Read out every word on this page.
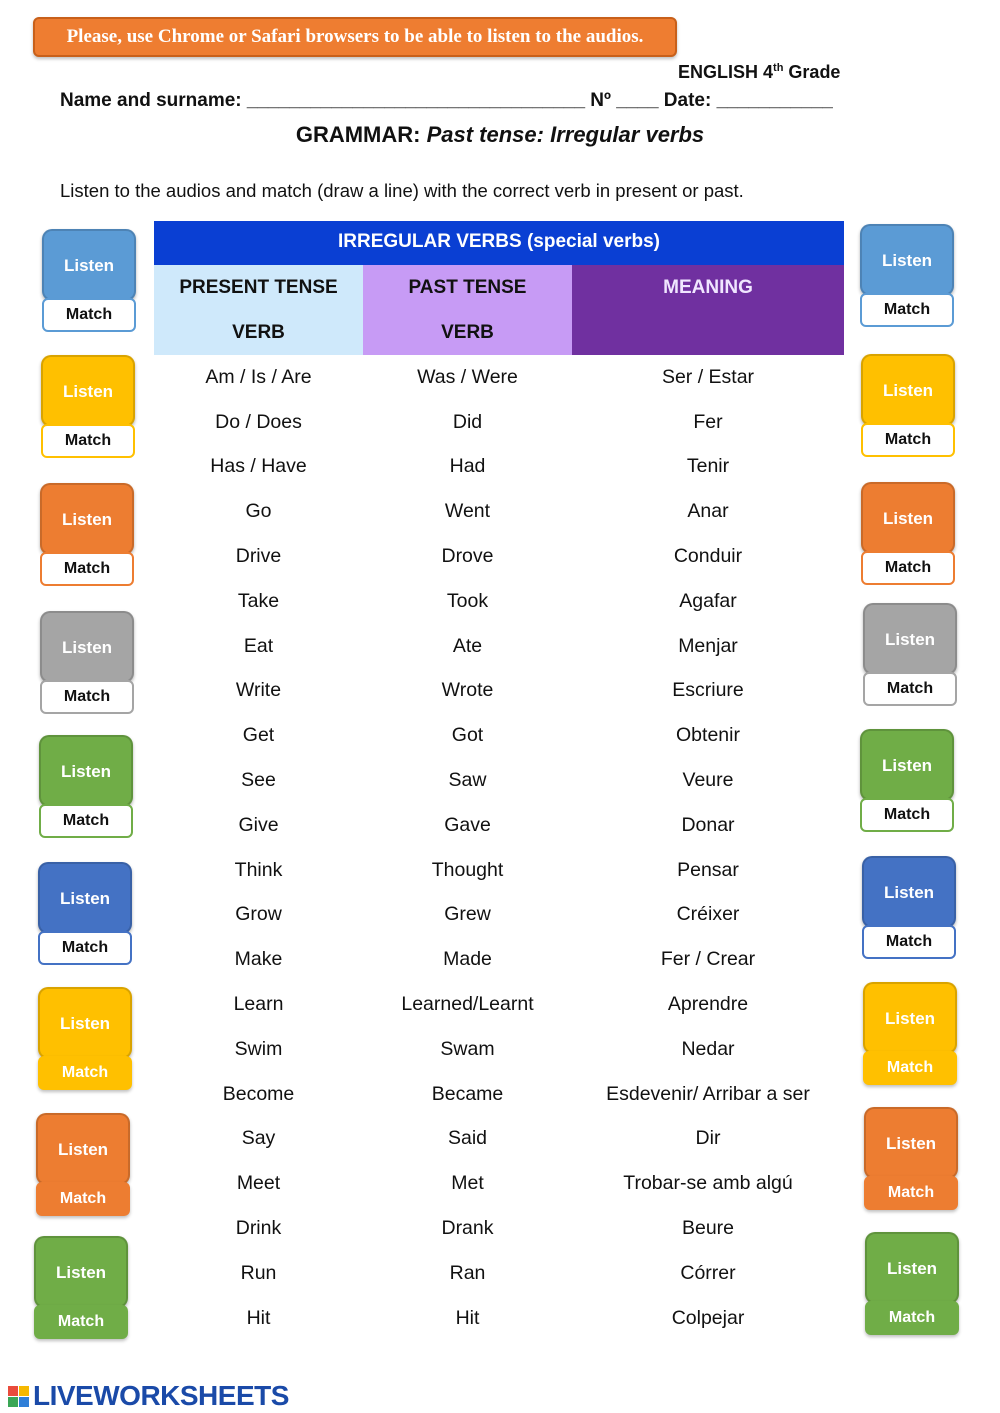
Please, use Chrome or Safari browsers to be able to listen to the audios.
ENGLISH 4th Grade
Name and surname: ________________________________ Nº ____ Date: ___________
GRAMMAR: Past tense: Irregular verbs
Listen to the audios and match (draw a line) with the correct verb in present or past.
IRREGULAR VERBS (special verbs)
PRESENT TENSE
VERB
PAST TENSE
VERB
MEANING
Am / Is / Are	Was / Were	Ser / Estar
Do / Does	Did	Fer
Has / Have	Had	Tenir
Go	Went	Anar
Drive	Drove	Conduir
Take	Took	Agafar
Eat	Ate	Menjar
Write	Wrote	Escriure
Get	Got	Obtenir
See	Saw	Veure
Give	Gave	Donar
Think	Thought	Pensar
Grow	Grew	Créixer
Make	Made	Fer / Crear
Learn	Learned/Learnt	Aprendre
Swim	Swam	Nedar
Become	Became	Esdevenir/ Arribar a ser
Say	Said	Dir
Meet	Met	Trobar-se amb algú
Drink	Drank	Beure
Run	Ran	Córrer
Hit	Hit	Colpejar
Listen
Match
Listen
Match
Listen
Match
Listen
Match
Listen
Match
Listen
Match
Listen
Match
Listen
Match
Listen
Match
Listen
Match
Listen
Match
Listen
Match
Listen
Match
Listen
Match
Listen
Match
Listen
Match
Listen
Match
Listen
Match
LIVEWORKSHEETS
